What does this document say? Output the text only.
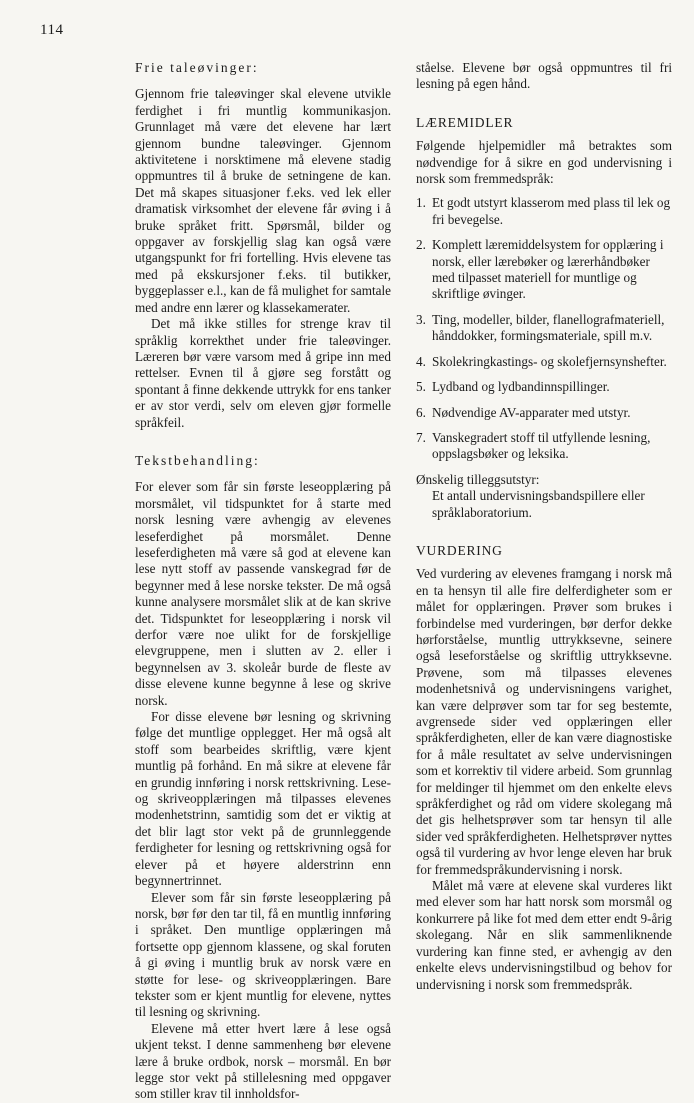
114
Frie taleøvinger:

Gjennom frie taleøvinger skal elevene utvikle ferdighet i fri muntlig kommunikasjon. Grunnlaget må være det elevene har lært gjennom bundne taleøvinger. Gjennom aktivitetene i norsktimene må elevene stadig oppmuntres til å bruke de setningene de kan. Det må skapes situasjoner f.eks. ved lek eller dramatisk virksomhet der elevene får øving i å bruke språket fritt. Spørsmål, bilder og oppgaver av forskjellig slag kan også være utgangspunkt for fri fortelling. Hvis elevene tas med på ekskursjoner f.eks. til butikker, byggeplasser e.l., kan de få mulighet for samtale med andre enn lærer og klassekamerater.

Det må ikke stilles for strenge krav til språklig korrekthet under frie taleøvinger. Læreren bør være varsom med å gripe inn med rettelser. Evnen til å gjøre seg forstått og spontant å finne dekkende uttrykk for ens tanker er av stor verdi, selv om eleven gjør formelle språkfeil.

Tekstbehandling:

For elever som får sin første leseopplæring på morsmålet, vil tidspunktet for å starte med norsk lesning være avhengig av elevenes leseferdighet på morsmålet. Denne leseferdigheten må være så god at elevene kan lese nytt stoff av passende vanskegrad før de begynner med å lese norske tekster. De må også kunne analysere morsmålet slik at de kan skrive det. Tidspunktet for leseopplæring i norsk vil derfor være noe ulikt for de forskjellige elevgruppene, men i slutten av 2. eller i begynnelsen av 3. skoleår burde de fleste av disse elevene kunne begynne å lese og skrive norsk.

For disse elevene bør lesning og skrivning følge det muntlige opplegget. Her må også alt stoff som bearbeides skriftlig, være kjent muntlig på forhånd. En må sikre at elevene får en grundig innføring i norsk rettskrivning. Lese- og skriveopplæringen må tilpasses elevenes modenhetstrinn, samtidig som det er viktig at det blir lagt stor vekt på de grunnleggende ferdigheter for lesning og rettskrivning også for elever på et høyere alderstrinn enn begynnertrinnet.

Elever som får sin første leseopplæring på norsk, bør før den tar til, få en muntlig innføring i språket. Den muntlige opplæringen må fortsette opp gjennom klassene, og skal foruten å gi øving i muntlig bruk av norsk være en støtte for lese- og skriveopplæringen. Bare tekster som er kjent muntlig for elevene, nyttes til lesning og skrivning.

Elevene må etter hvert lære å lese også ukjent tekst. I denne sammenheng bør elevene lære å bruke ordbok, norsk – morsmål. En bør legge stor vekt på stillelesning med oppgaver som stiller krav til innholdsfor-

ståelse. Elevene bør også oppmuntres til fri lesning på egen hånd.

LÆREMIDLER

Følgende hjelpemidler må betraktes som nødvendige for å sikre en god undervisning i norsk som fremmedspråk:

1. Et godt utstyrt klasserom med plass til lek og fri bevegelse.
2. Komplett læremiddelsystem for opplæring i norsk, eller lærebøker og lærerhåndbøker med tilpasset materiell for muntlige og skriftlige øvinger.
3. Ting, modeller, bilder, flanellografmateriell, hånddokker, formingsmateriale, spill m.v.
4. Skolekringkastings- og skolefjernsynshefter.
5. Lydband og lydbandinnspillinger.
6. Nødvendige AV-apparater med utstyr.
7. Vanskegradert stoff til utfyllende lesning, oppslagsbøker og leksika.
Ønskelig tilleggsutstyr:
Et antall undervisningsbandspillere eller språklaboratorium.
VURDERING

Ved vurdering av elevenes framgang i norsk må en ta hensyn til alle fire delferdigheter som er målet for opplæringen. Prøver som brukes i forbindelse med vurderingen, bør derfor dekke hørforståelse, muntlig uttrykksevne, seinere også leseforståelse og skriftlig uttrykksevne. Prøvene, som må tilpasses elevenes modenhetsnivå og undervisningens varighet, kan være delprøver som tar for seg bestemte, avgrensede sider ved opplæringen eller språkferdigheten, eller de kan være diagnostiske for å måle resultatet av selve undervisningen som et korrektiv til videre arbeid. Som grunnlag for meldinger til hjemmet om den enkelte elevs språkferdighet og råd om videre skolegang må det gis helhetsprøver som tar hensyn til alle sider ved språkferdigheten. Helhetsprøver nyttes også til vurdering av hvor lenge eleven har bruk for fremmedspråkundervisning i norsk.

Målet må være at elevene skal vurderes likt med elever som har hatt norsk som morsmål og konkurrere på like fot med dem etter endt 9-årig skolegang. Når en slik sammenliknende vurdering kan finne sted, er avhengig av den enkelte elevs undervisningstilbud og behov for undervisning i norsk som fremmedspråk.
